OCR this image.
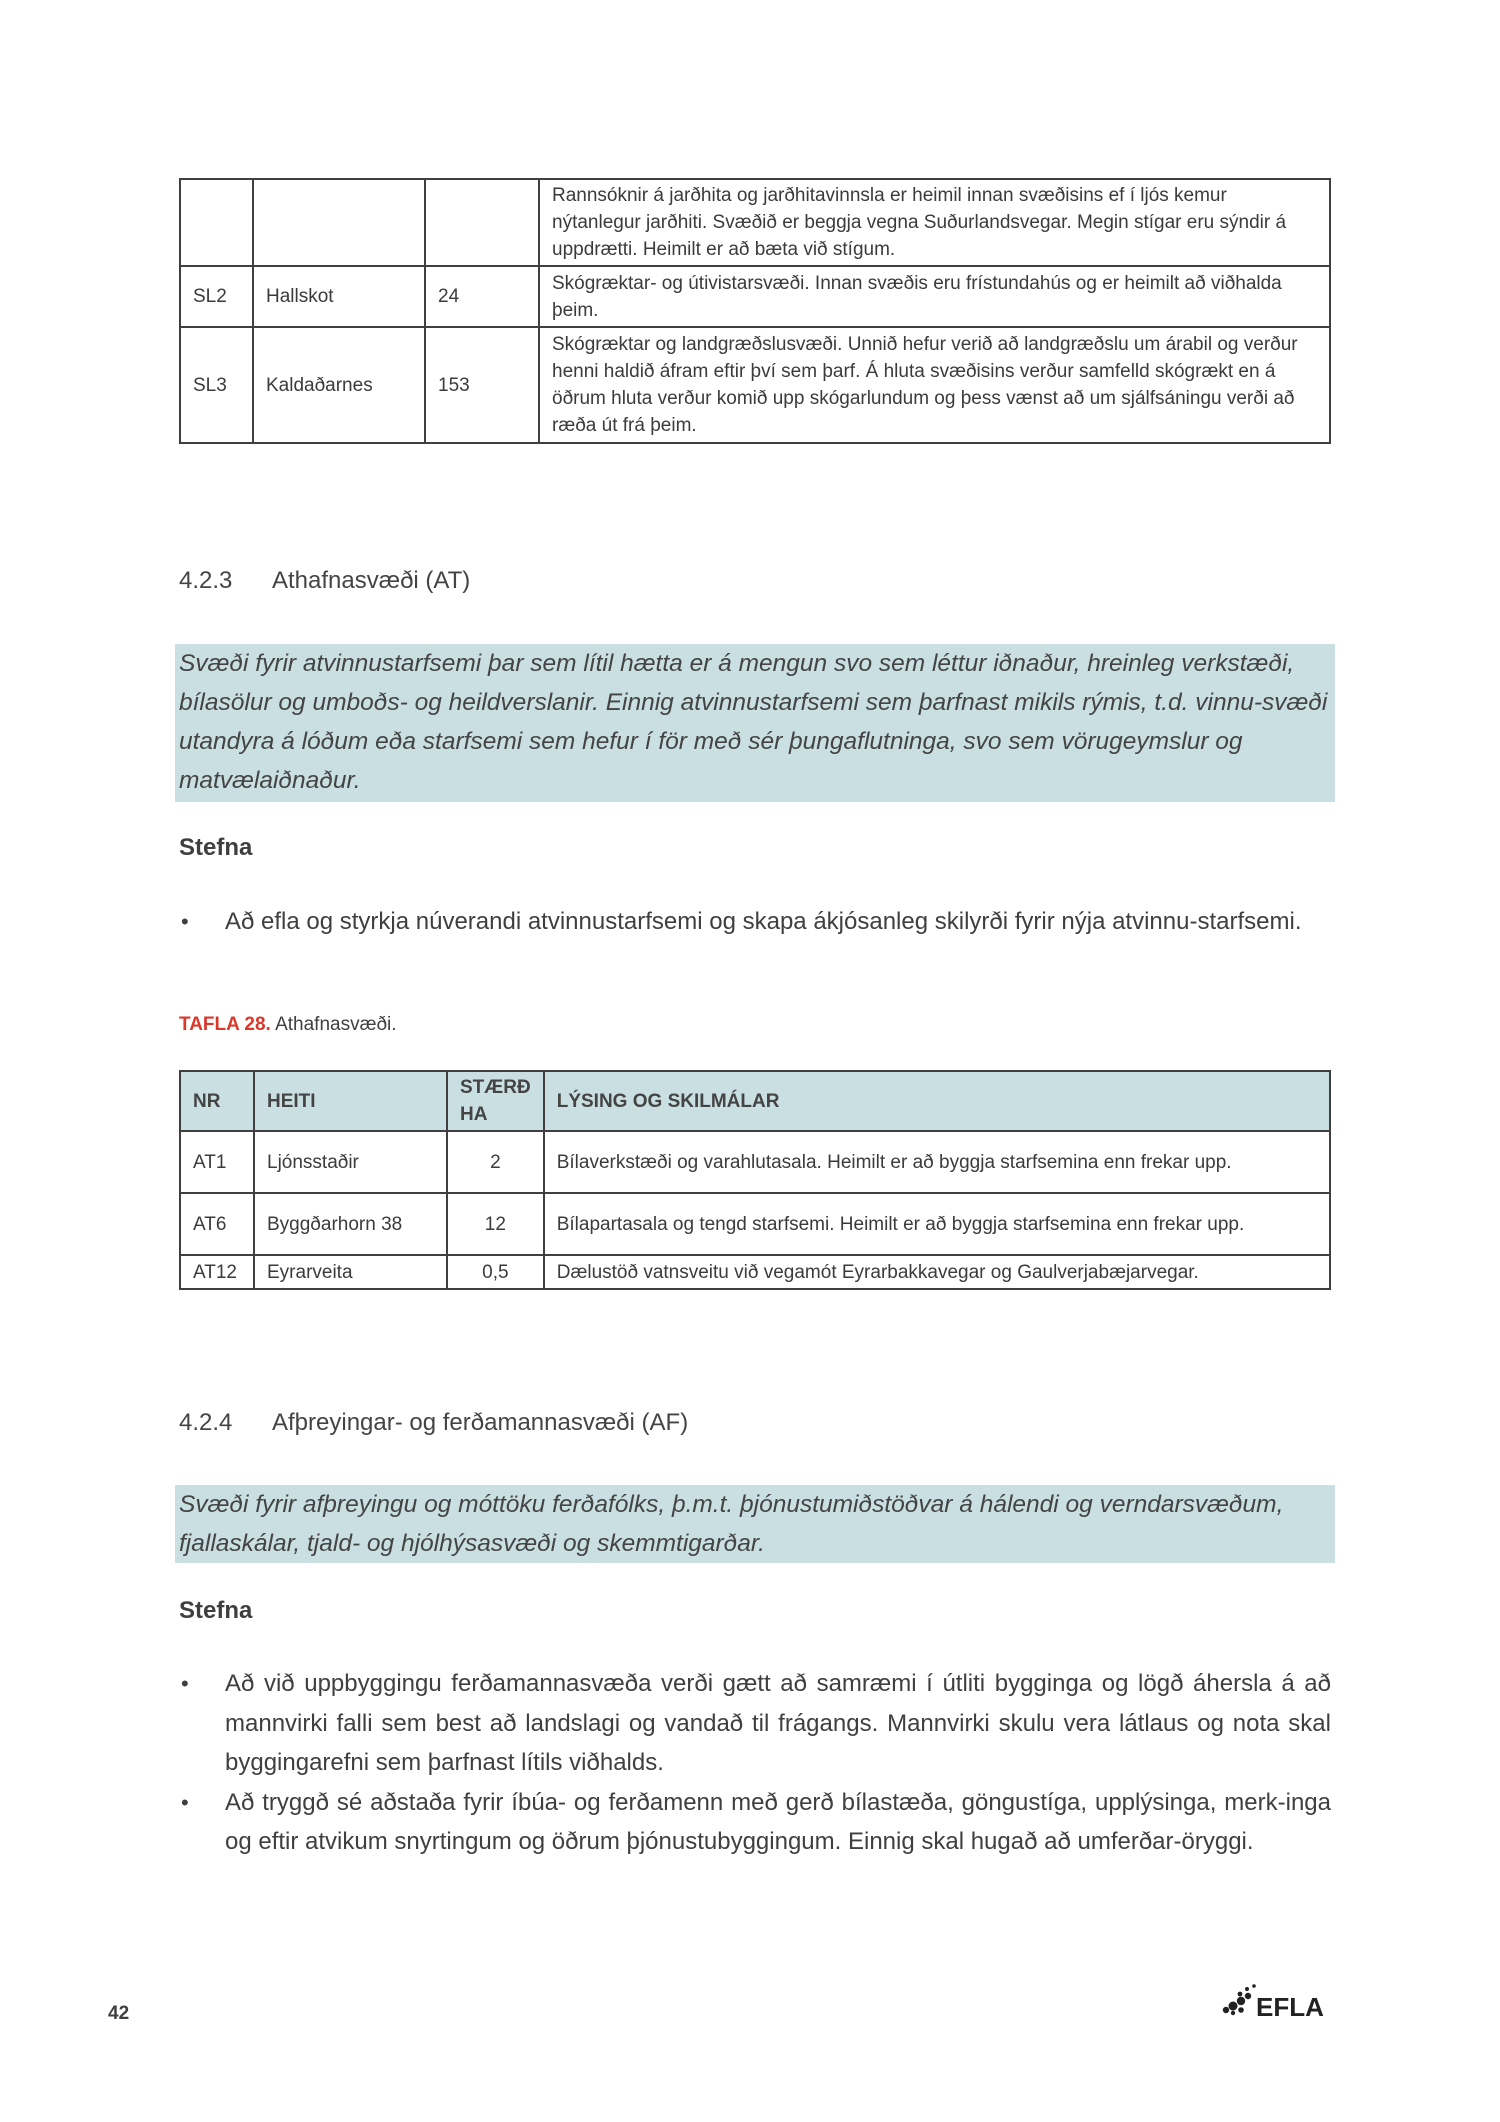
			Rannsóknir á jarðhita og jarðhitavinnsla er heimil innan svæðisins ef í ljós kemur nýtanlegur jarðhiti. Svæðið er beggja vegna Suðurlandsvegar. Megin stígar eru sýndir á uppdrætti. Heimilt er að bæta við stígum.
SL2	Hallskot	24	Skógræktar- og útivistarsvæði. Innan svæðis eru frístundahús og er heimilt að viðhalda þeim.
SL3	Kaldaðarnes	153	Skógræktar og landgræðslusvæði. Unnið hefur verið að landgræðslu um árabil og verður henni haldið áfram eftir því sem þarf. Á hluta svæðisins verður samfelld skógrækt en á öðrum hluta verður komið upp skógarlundum og þess vænst að um sjálfsáningu verði að ræða út frá þeim.
4.2.3 Athafnasvæði (AT)
Svæði fyrir atvinnustarfsemi þar sem lítil hætta er á mengun svo sem léttur iðnaður, hreinleg verkstæði, bílasölur og umboðs- og heildverslanir. Einnig atvinnustarfsemi sem þarfnast mikils rýmis, t.d. vinnu-svæði utandyra á lóðum eða starfsemi sem hefur í för með sér þungaflutninga, svo sem vörugeymslur og matvælaiðnaður.
Stefna
• Að efla og styrkja núverandi atvinnustarfsemi og skapa ákjósanleg skilyrði fyrir nýja atvinnu-starfsemi.
TAFLA 28. Athafnasvæði.
NR	HEITI	STÆRÐ HA	LÝSING OG SKILMÁLAR
AT1	Ljónsstaðir	2	Bílaverkstæði og varahlutasala. Heimilt er að byggja starfsemina enn frekar upp.
AT6	Byggðarhorn 38	12	Bílapartasala og tengd starfsemi. Heimilt er að byggja starfsemina enn frekar upp.
AT12	Eyrarveita	0,5	Dælustöð vatnsveitu við vegamót Eyrarbakkavegar og Gaulverjabæjarvegar.
4.2.4 Afþreyingar- og ferðamannasvæði (AF)
Svæði fyrir afþreyingu og móttöku ferðafólks, þ.m.t. þjónustumiðstöðvar á hálendi og verndarsvæðum, fjallaskálar, tjald- og hjólhýsasvæði og skemmtigarðar.
Stefna
• Að við uppbyggingu ferðamannasvæða verði gætt að samræmi í útliti bygginga og lögð áhersla á að mannvirki falli sem best að landslagi og vandað til frágangs. Mannvirki skulu vera látlaus og nota skal byggingarefni sem þarfnast lítils viðhalds.
• Að tryggð sé aðstaða fyrir íbúa- og ferðamenn með gerð bílastæða, göngustíga, upplýsinga, merk-inga og eftir atvikum snyrtingum og öðrum þjónustubyggingum. Einnig skal hugað að umferðar-öryggi.
42	EFLA
